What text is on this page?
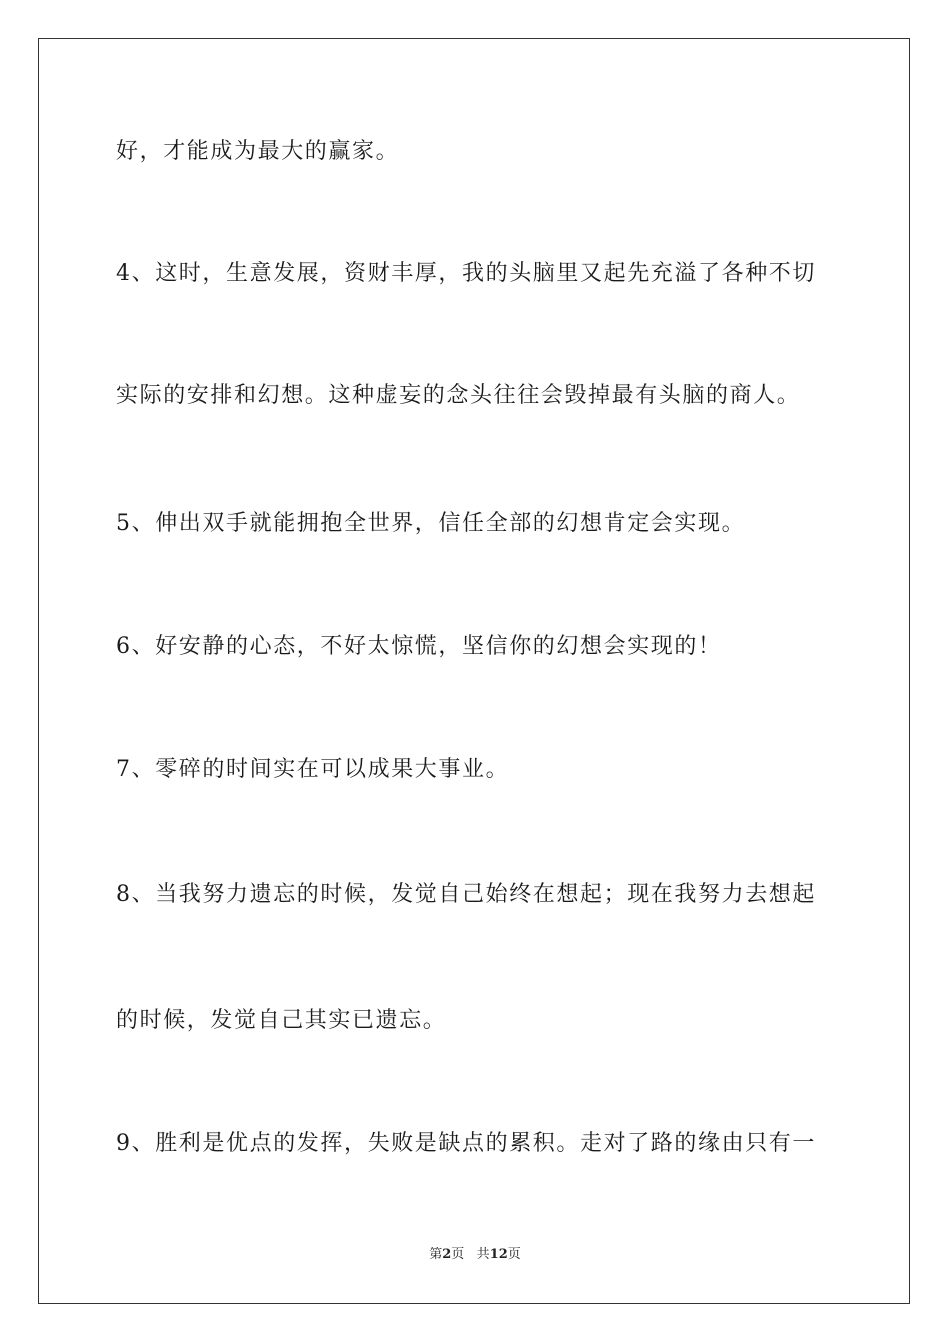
好，才能成为最大的赢家。
4、这时，生意发展，资财丰厚，我的头脑里又起先充溢了各种不切
实际的安排和幻想。这种虚妄的念头往往会毁掉最有头脑的商人。
5、伸出双手就能拥抱全世界，信任全部的幻想肯定会实现。
6、好安静的心态，不好太惊慌，坚信你的幻想会实现的！
7、零碎的时间实在可以成果大事业。
8、当我努力遗忘的时候，发觉自己始终在想起；现在我努力去想起
的时候，发觉自己其实已遗忘。
9、胜利是优点的发挥，失败是缺点的累积。走对了路的缘由只有一
第2页 共12页
